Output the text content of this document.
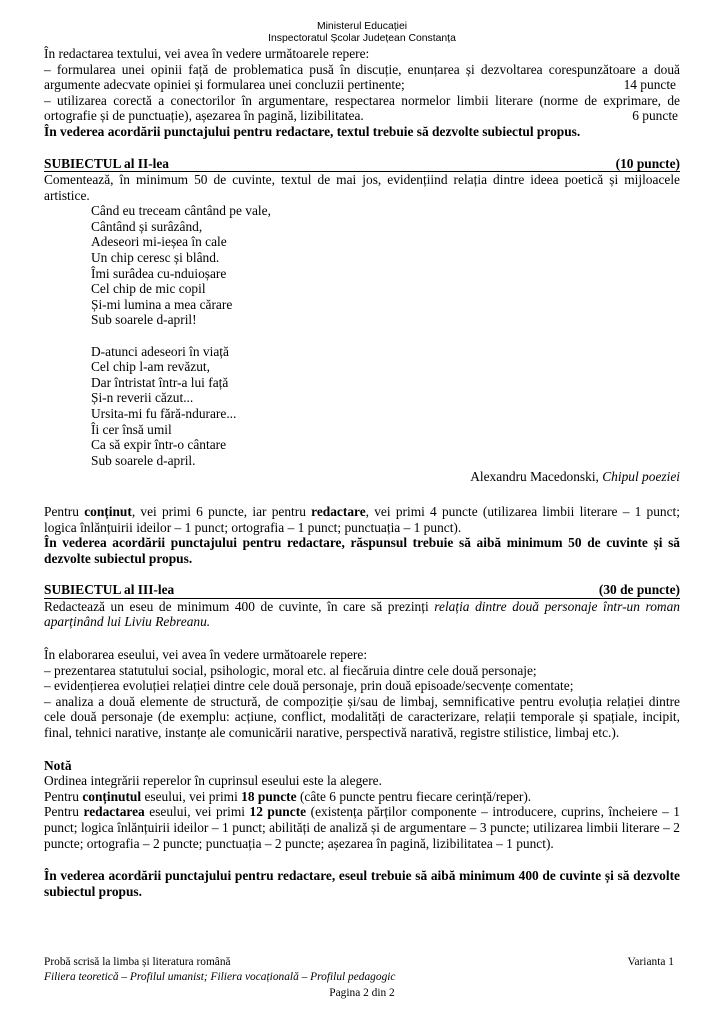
Ministerul Educației
Inspectoratul Școlar Județean Constanța

În redactarea textului, vei avea în vedere următoarele repere:

– formularea unei opinii față de problematica pusă în discuție, enunțarea și dezvoltarea corespunzătoare a două argumente adecvate opiniei și formularea unei concluzii pertinente;	14 puncte

– utilizarea corectă a conectorilor în argumentare, respectarea normelor limbii literare (norme de exprimare, de ortografie și de punctuație), așezarea în pagină, lizibilitatea.	6 puncte

În vederea acordării punctajului pentru redactare, textul trebuie să dezvolte subiectul propus.

SUBIECTUL al II-lea	(10 puncte)

Comentează, în minimum 50 de cuvinte, textul de mai jos, evidențiind relația dintre ideea poetică și mijloacele artistice.

Când eu treceam cântând pe vale,

Cântând și surâzând,

Adeseori mi-ieșea în cale

Un chip ceresc și blând.

Îmi surâdea cu-nduioșare

Cel chip de mic copil

Și-mi lumina a mea cărare

Sub soarele d-april!

D-atunci adeseori în viață

Cel chip l-am revăzut,

Dar întristat într-a lui față

Și-n reverii căzut...

Ursita-mi fu fără-ndurare...

Îi cer însă umil

Ca să expir într-o cântare

Sub soarele d-april.

Alexandru Macedonski, Chipul poeziei

Pentru conținut, vei primi 6 puncte, iar pentru redactare, vei primi 4 puncte (utilizarea limbii literare – 1 punct; logica înlănțuirii ideilor – 1 punct; ortografia – 1 punct; punctuația – 1 punct).

În vederea acordării punctajului pentru redactare, răspunsul trebuie să aibă minimum 50 de cuvinte și să dezvolte subiectul propus.

SUBIECTUL al III-lea	(30 de puncte)

Redactează un eseu de minimum 400 de cuvinte, în care să prezinți relația dintre două personaje într-un roman aparținând lui Liviu Rebreanu.

În elaborarea eseului, vei avea în vedere următoarele repere:

– prezentarea statutului social, psihologic, moral etc. al fiecăruia dintre cele două personaje;

– evidențierea evoluției relației dintre cele două personaje, prin două episoade/secvențe comentate;

– analiza a două elemente de structură, de compoziție și/sau de limbaj, semnificative pentru evoluția relației dintre cele două personaje (de exemplu: acțiune, conflict, modalități de caracterizare, relații temporale și spațiale, incipit, final, tehnici narative, instanțe ale comunicării narative, perspectivă narativă, registre stilistice, limbaj etc.).

Notă

Ordinea integrării reperelor în cuprinsul eseului este la alegere.

Pentru conținutul eseului, vei primi 18 puncte (câte 6 puncte pentru fiecare cerință/reper).

Pentru redactarea eseului, vei primi 12 puncte (existența părților componente – introducere, cuprins, încheiere – 1 punct; logica înlănțuirii ideilor – 1 punct; abilități de analiză și de argumentare – 3 puncte; utilizarea limbii literare – 2 puncte; ortografia – 2 puncte; punctuația – 2 puncte; așezarea în pagină, lizibilitatea – 1 punct).

În vederea acordării punctajului pentru redactare, eseul trebuie să aibă minimum 400 de cuvinte și să dezvolte subiectul propus.

Probă scrisă la limba și literatura română	Varianta 1
Filiera teoretică – Profilul umanist; Filiera vocațională – Profilul pedagogic
Pagina 2 din 2
